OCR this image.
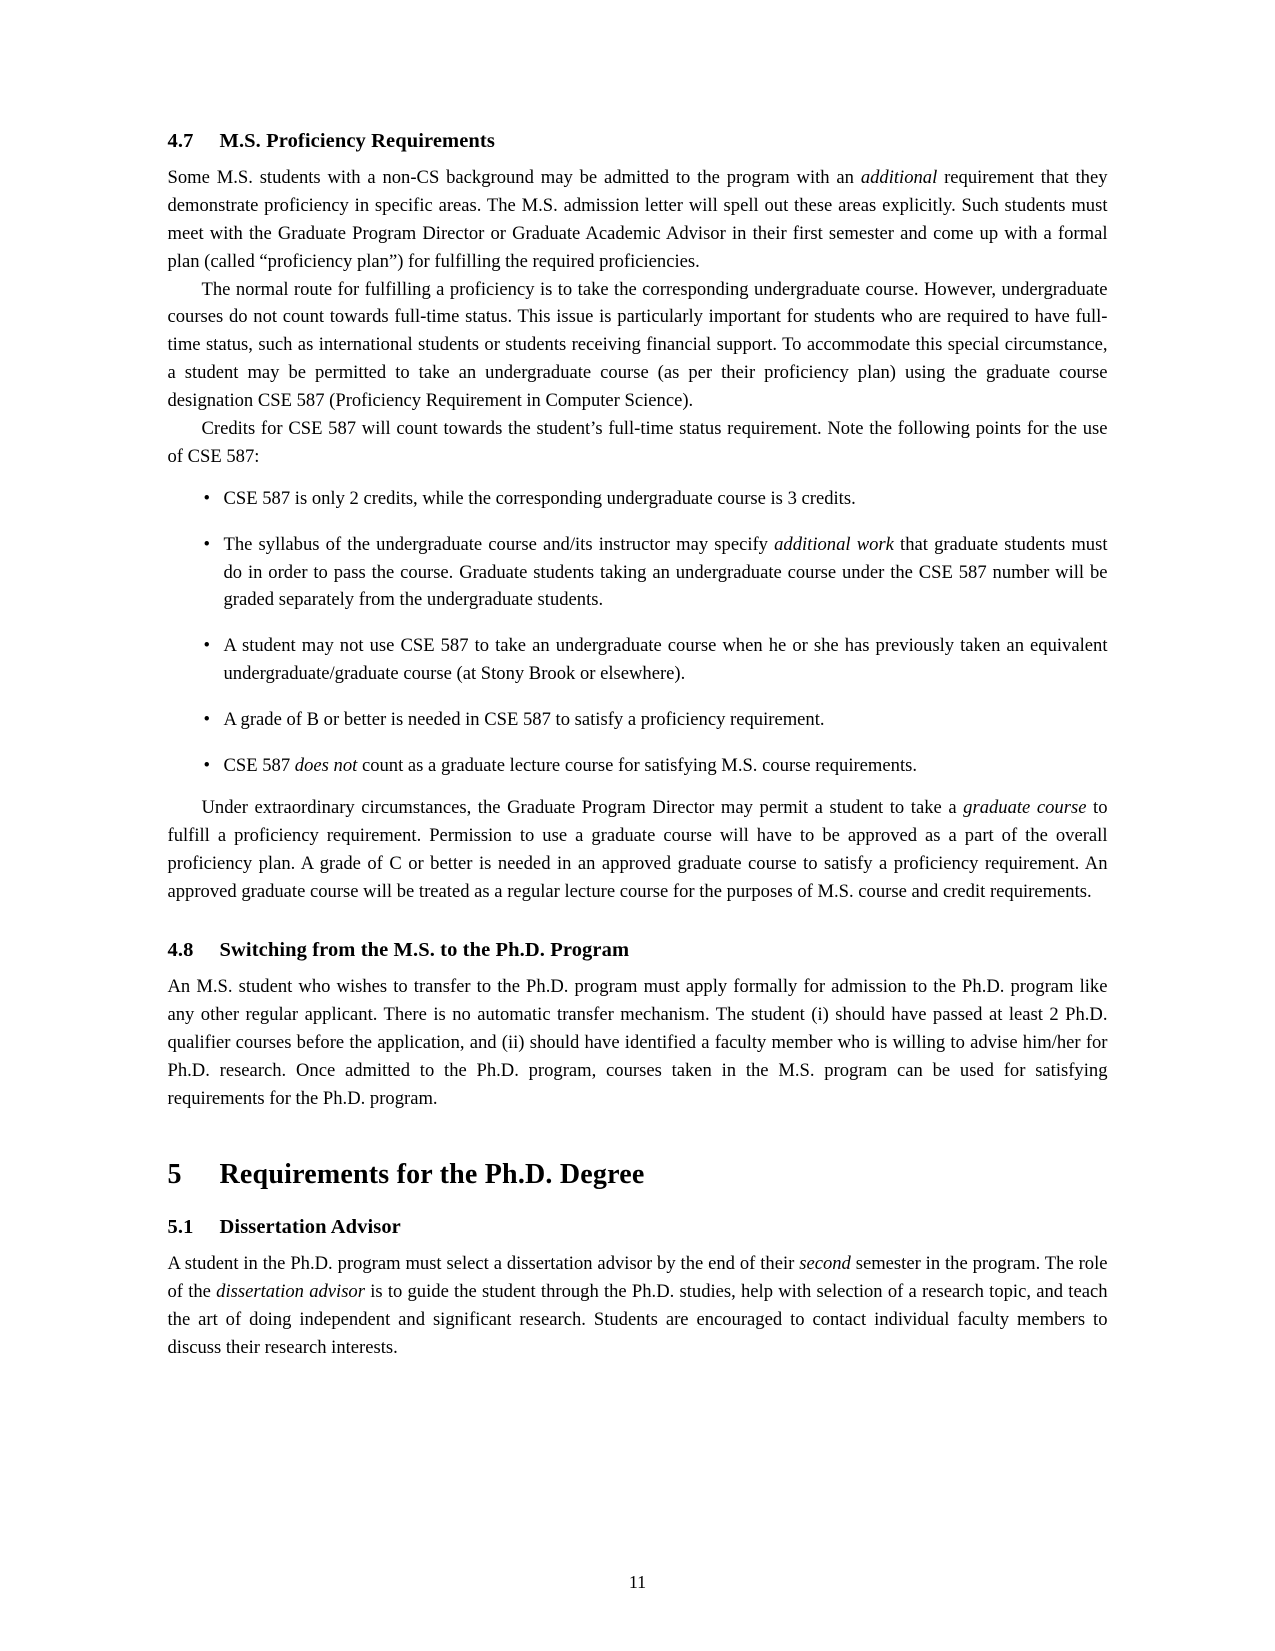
4.7 M.S. Proficiency Requirements

Some M.S. students with a non-CS background may be admitted to the program with an additional requirement that they demonstrate proficiency in specific areas. The M.S. admission letter will spell out these areas explicitly. Such students must meet with the Graduate Program Director or Graduate Academic Advisor in their first semester and come up with a formal plan (called “proficiency plan”) for fulfilling the required proficiencies.

The normal route for fulfilling a proficiency is to take the corresponding undergraduate course. However, undergraduate courses do not count towards full-time status. This issue is particularly important for students who are required to have full-time status, such as international students or students receiving financial support. To accommodate this special circumstance, a student may be permitted to take an undergraduate course (as per their proficiency plan) using the graduate course designation CSE 587 (Proficiency Requirement in Computer Science).

Credits for CSE 587 will count towards the student’s full-time status requirement. Note the following points for the use of CSE 587:

• CSE 587 is only 2 credits, while the corresponding undergraduate course is 3 credits.
• The syllabus of the undergraduate course and/its instructor may specify additional work that graduate students must do in order to pass the course. Graduate students taking an undergraduate course under the CSE 587 number will be graded separately from the undergraduate students.
• A student may not use CSE 587 to take an undergraduate course when he or she has previously taken an equivalent undergraduate/graduate course (at Stony Brook or elsewhere).
• A grade of B or better is needed in CSE 587 to satisfy a proficiency requirement.
• CSE 587 does not count as a graduate lecture course for satisfying M.S. course requirements.

Under extraordinary circumstances, the Graduate Program Director may permit a student to take a graduate course to fulfill a proficiency requirement. Permission to use a graduate course will have to be approved as a part of the overall proficiency plan. A grade of C or better is needed in an approved graduate course to satisfy a proficiency requirement. An approved graduate course will be treated as a regular lecture course for the purposes of M.S. course and credit requirements.

4.8 Switching from the M.S. to the Ph.D. Program

An M.S. student who wishes to transfer to the Ph.D. program must apply formally for admission to the Ph.D. program like any other regular applicant. There is no automatic transfer mechanism. The student (i) should have passed at least 2 Ph.D. qualifier courses before the application, and (ii) should have identified a faculty member who is willing to advise him/her for Ph.D. research. Once admitted to the Ph.D. program, courses taken in the M.S. program can be used for satisfying requirements for the Ph.D. program.

5 Requirements for the Ph.D. Degree
5.1 Dissertation Advisor

A student in the Ph.D. program must select a dissertation advisor by the end of their second semester in the program. The role of the dissertation advisor is to guide the student through the Ph.D. studies, help with selection of a research topic, and teach the art of doing independent and significant research. Students are encouraged to contact individual faculty members to discuss their research interests.

11
